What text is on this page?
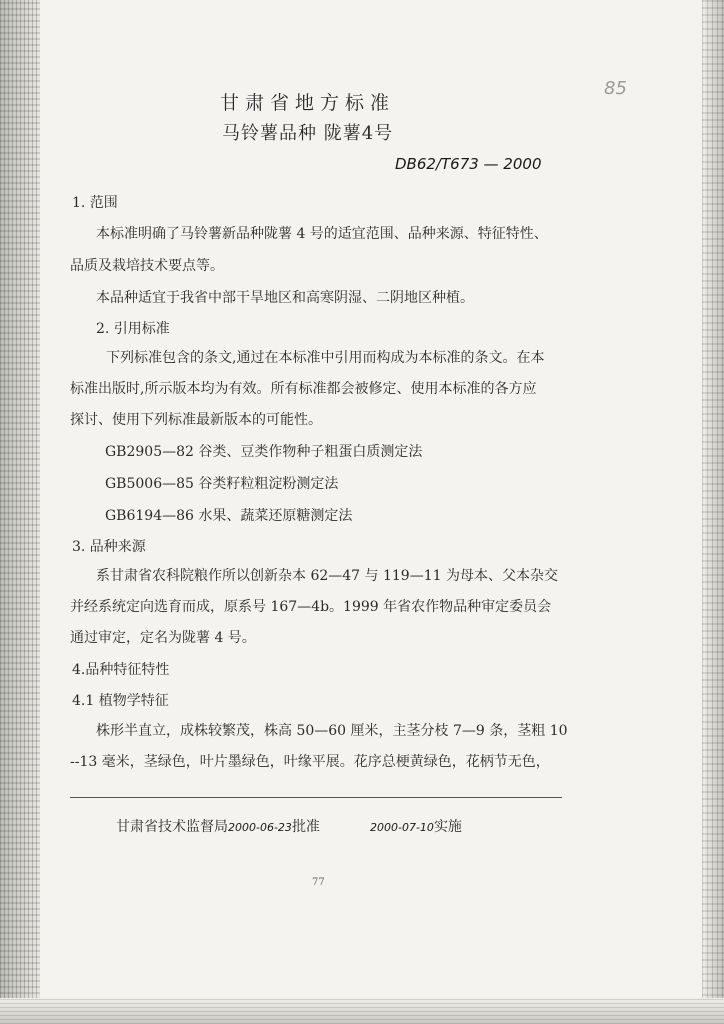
85
甘肃省地方标准
马铃薯品种 陇薯4号
DB62/T673 — 2000
1. 范围
本标准明确了马铃薯新品种陇薯 4 号的适宜范围、品种来源、特征特性、
品质及栽培技术要点等。
本品种适宜于我省中部干旱地区和高寒阴湿、二阴地区种植。
2. 引用标准
下列标准包含的条文,通过在本标准中引用而构成为本标准的条文。在本
标准出版时,所示版本均为有效。所有标准都会被修定、使用本标准的各方应
探讨、使用下列标准最新版本的可能性。
GB2905—82 谷类、豆类作物种子粗蛋白质测定法
GB5006—85 谷类籽粒粗淀粉测定法
GB6194—86 水果、蔬菜还原糖测定法
3. 品种来源
系甘肃省农科院粮作所以创新杂本 62—47 与 119—11 为母本、父本杂交
并经系统定向选育而成，原系号 167—4b。1999 年省农作物品种审定委员会
通过审定，定名为陇薯 4 号。
4.品种特征特性
4.1 植物学特征
株形半直立，成株较繁茂，株高 50—60 厘米，主茎分枝 7—9 条，茎粗 10
--13 毫米，茎绿色，叶片墨绿色，叶缘平展。花序总梗黄绿色，花柄节无色，
甘肃省技术监督局2000-06-23批准	2000-07-10实施
77
